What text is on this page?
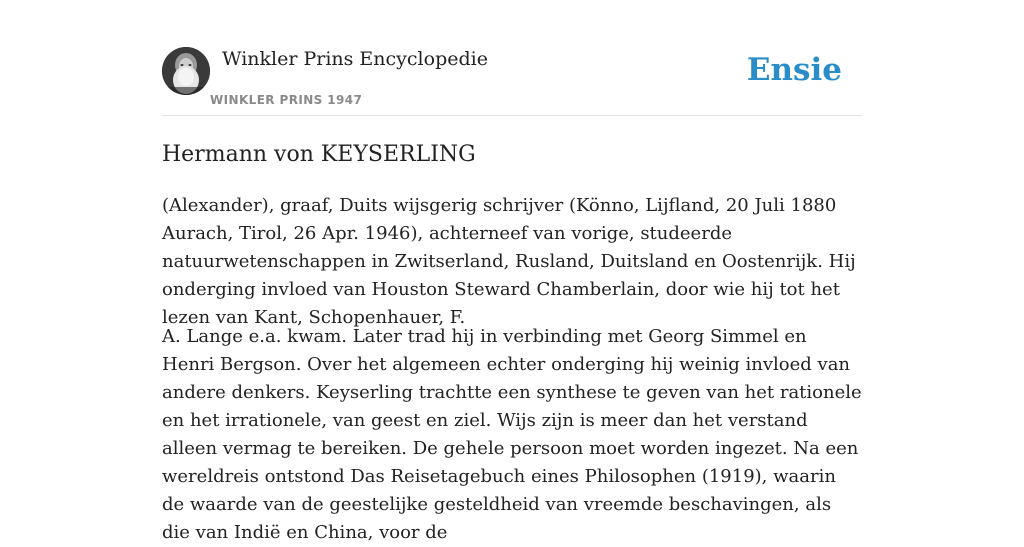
Winkler Prins Encyclopedie
WINKLER PRINS 1947
Ensie
Hermann von KEYSERLING

(Alexander), graaf, Duits wijsgerig schrijver (Könno, Lijfland, 20 Juli 1880 Aurach, Tirol, 26 Apr. 1946), achterneef van vorige, studeerde natuurwetenschappen in Zwitserland, Rusland, Duitsland en Oostenrijk. Hij onderging invloed van Houston Steward Chamberlain, door wie hij tot het lezen van Kant, Schopenhauer, F.

A. Lange e.a. kwam. Later trad hij in verbinding met Georg Simmel en Henri Bergson. Over het algemeen echter onderging hij weinig invloed van andere denkers. Keyserling trachtte een synthese te geven van het rationele en het irrationele, van geest en ziel. Wijs zijn is meer dan het verstand alleen vermag te bereiken. De gehele persoon moet worden ingezet. Na een wereldreis ontstond Das Reisetagebuch eines Philosophen (1919), waarin de waarde van de geestelijke gesteldheid van vreemde beschavingen, als die van Indië en China, voor de
